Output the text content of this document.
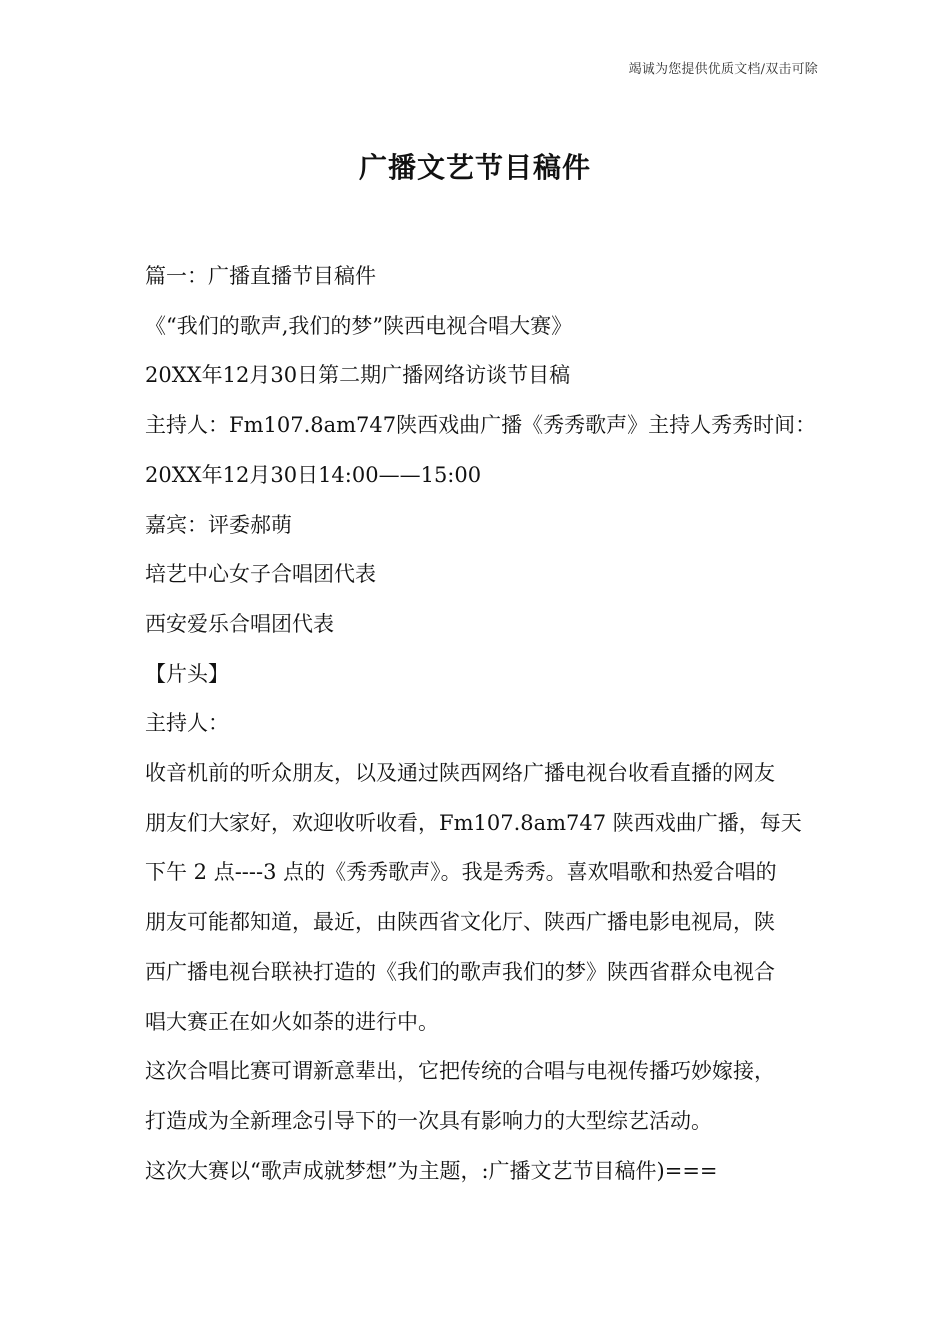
竭诚为您提供优质文档/双击可除
广播文艺节目稿件
篇一：广播直播节目稿件
《“我们的歌声,我们的梦”陕西电视合唱大赛》
20XX年12月30日第二期广播网络访谈节目稿
主持人：Fm107.8am747陕西戏曲广播《秀秀歌声》主持人秀秀时间：
20XX年12月30日14:00——15:00
嘉宾：评委郝萌
培艺中心女子合唱团代表
西安爱乐合唱团代表
【片头】
主持人：
收音机前的听众朋友，以及通过陕西网络广播电视台收看直播的网友
朋友们大家好，欢迎收听收看，Fm107.8am747 陕西戏曲广播，每天
下午 2 点----3 点的《秀秀歌声》。我是秀秀。喜欢唱歌和热爱合唱的
朋友可能都知道，最近，由陕西省文化厅、陕西广播电影电视局，陕
西广播电视台联袂打造的《我们的歌声我们的梦》陕西省群众电视合
唱大赛正在如火如荼的进行中。
这次合唱比赛可谓新意辈出，它把传统的合唱与电视传播巧妙嫁接，
打造成为全新理念引导下的一次具有影响力的大型综艺活动。
这次大赛以“歌声成就梦想”为主题，:广播文艺节目稿件)===
